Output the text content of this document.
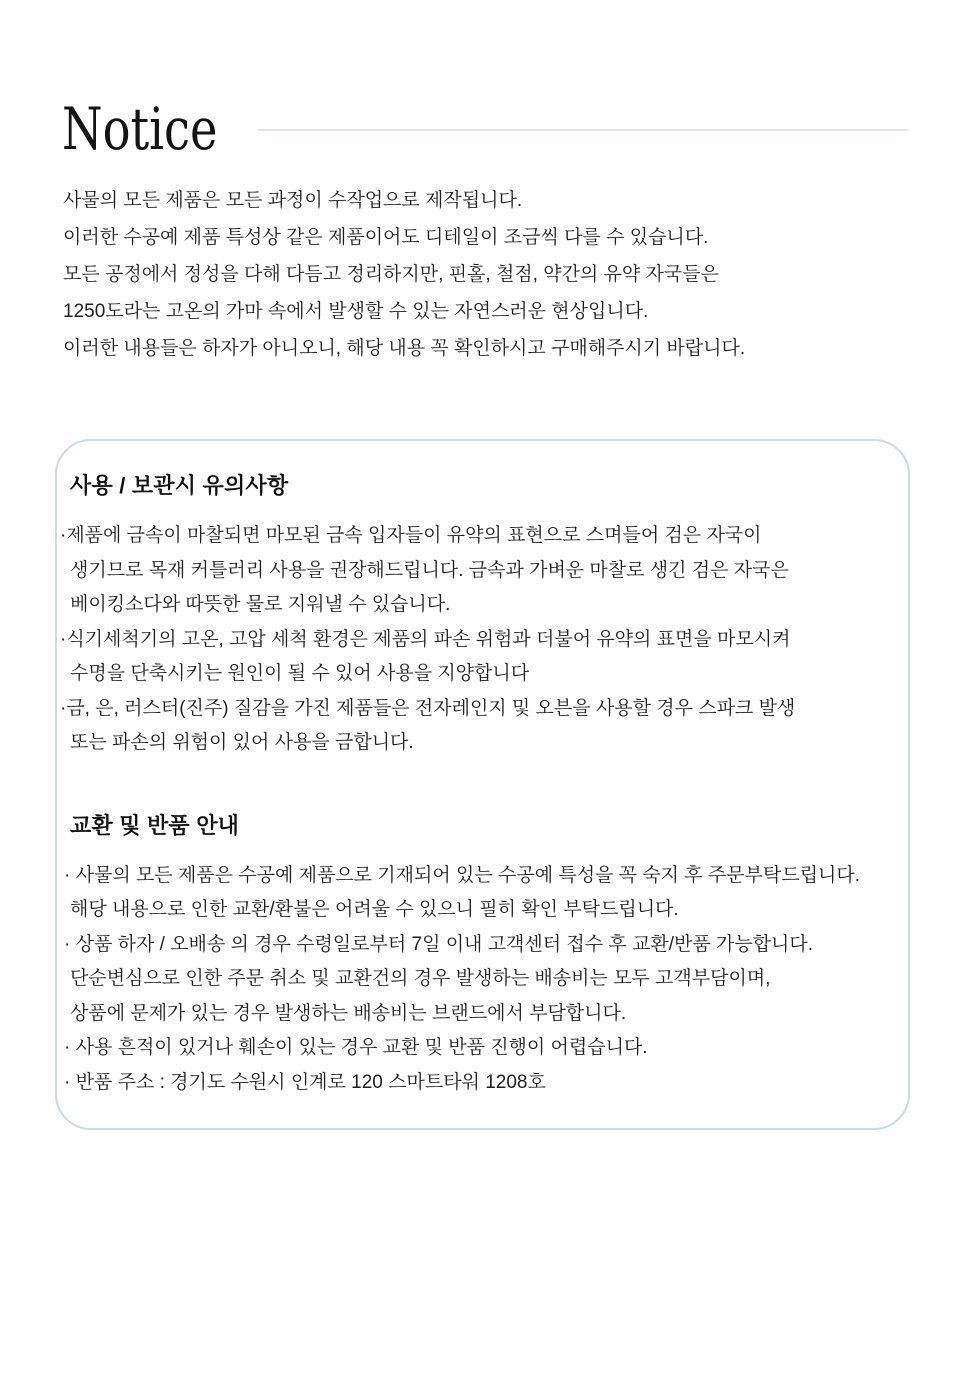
Notice
사물의 모든 제품은 모든 과정이 수작업으로 제작됩니다.
이러한 수공예 제품 특성상 같은 제품이어도 디테일이 조금씩 다를 수 있습니다.
모든 공정에서 정성을 다해 다듬고 정리하지만, 핀홀, 철점, 약간의 유약 자국들은
1250도라는 고온의 가마 속에서 발생할 수 있는 자연스러운 현상입니다.
이러한 내용들은 하자가 아니오니, 해당 내용 꼭 확인하시고 구매해주시기 바랍니다.
사용 / 보관시 유의사항
·제품에 금속이 마찰되면 마모된 금속 입자들이 유약의 표현으로 스며들어 검은 자국이
생기므로 목재 커틀러리 사용을 권장해드립니다. 금속과 가벼운 마찰로 생긴 검은 자국은
베이킹소다와 따뜻한 물로 지워낼 수 있습니다.
·식기세척기의 고온, 고압 세척 환경은 제품의 파손 위험과 더불어 유약의 표면을 마모시켜
수명을 단축시키는 원인이 될 수 있어 사용을 지양합니다
·금, 은, 러스터(진주) 질감을 가진 제품들은 전자레인지 및 오븐을 사용할 경우 스파크 발생
또는 파손의 위험이 있어 사용을 금합니다.
교환 및 반품 안내
· 사물의 모든 제품은 수공예 제품으로 기재되어 있는 수공예 특성을 꼭 숙지 후 주문부탁드립니다.
해당 내용으로 인한 교환/환불은 어려울 수 있으니 필히 확인 부탁드립니다.
· 상품 하자 / 오배송 의 경우 수령일로부터 7일 이내 고객센터 접수 후 교환/반품 가능합니다.
단순변심으로 인한 주문 취소 및 교환건의 경우 발생하는 배송비는 모두 고객부담이며,
상품에 문제가 있는 경우 발생하는 배송비는 브랜드에서 부담합니다.
· 사용 흔적이 있거나 훼손이 있는 경우 교환 및 반품 진행이 어렵습니다.
· 반품 주소 : 경기도 수원시 인계로 120 스마트타워 1208호
